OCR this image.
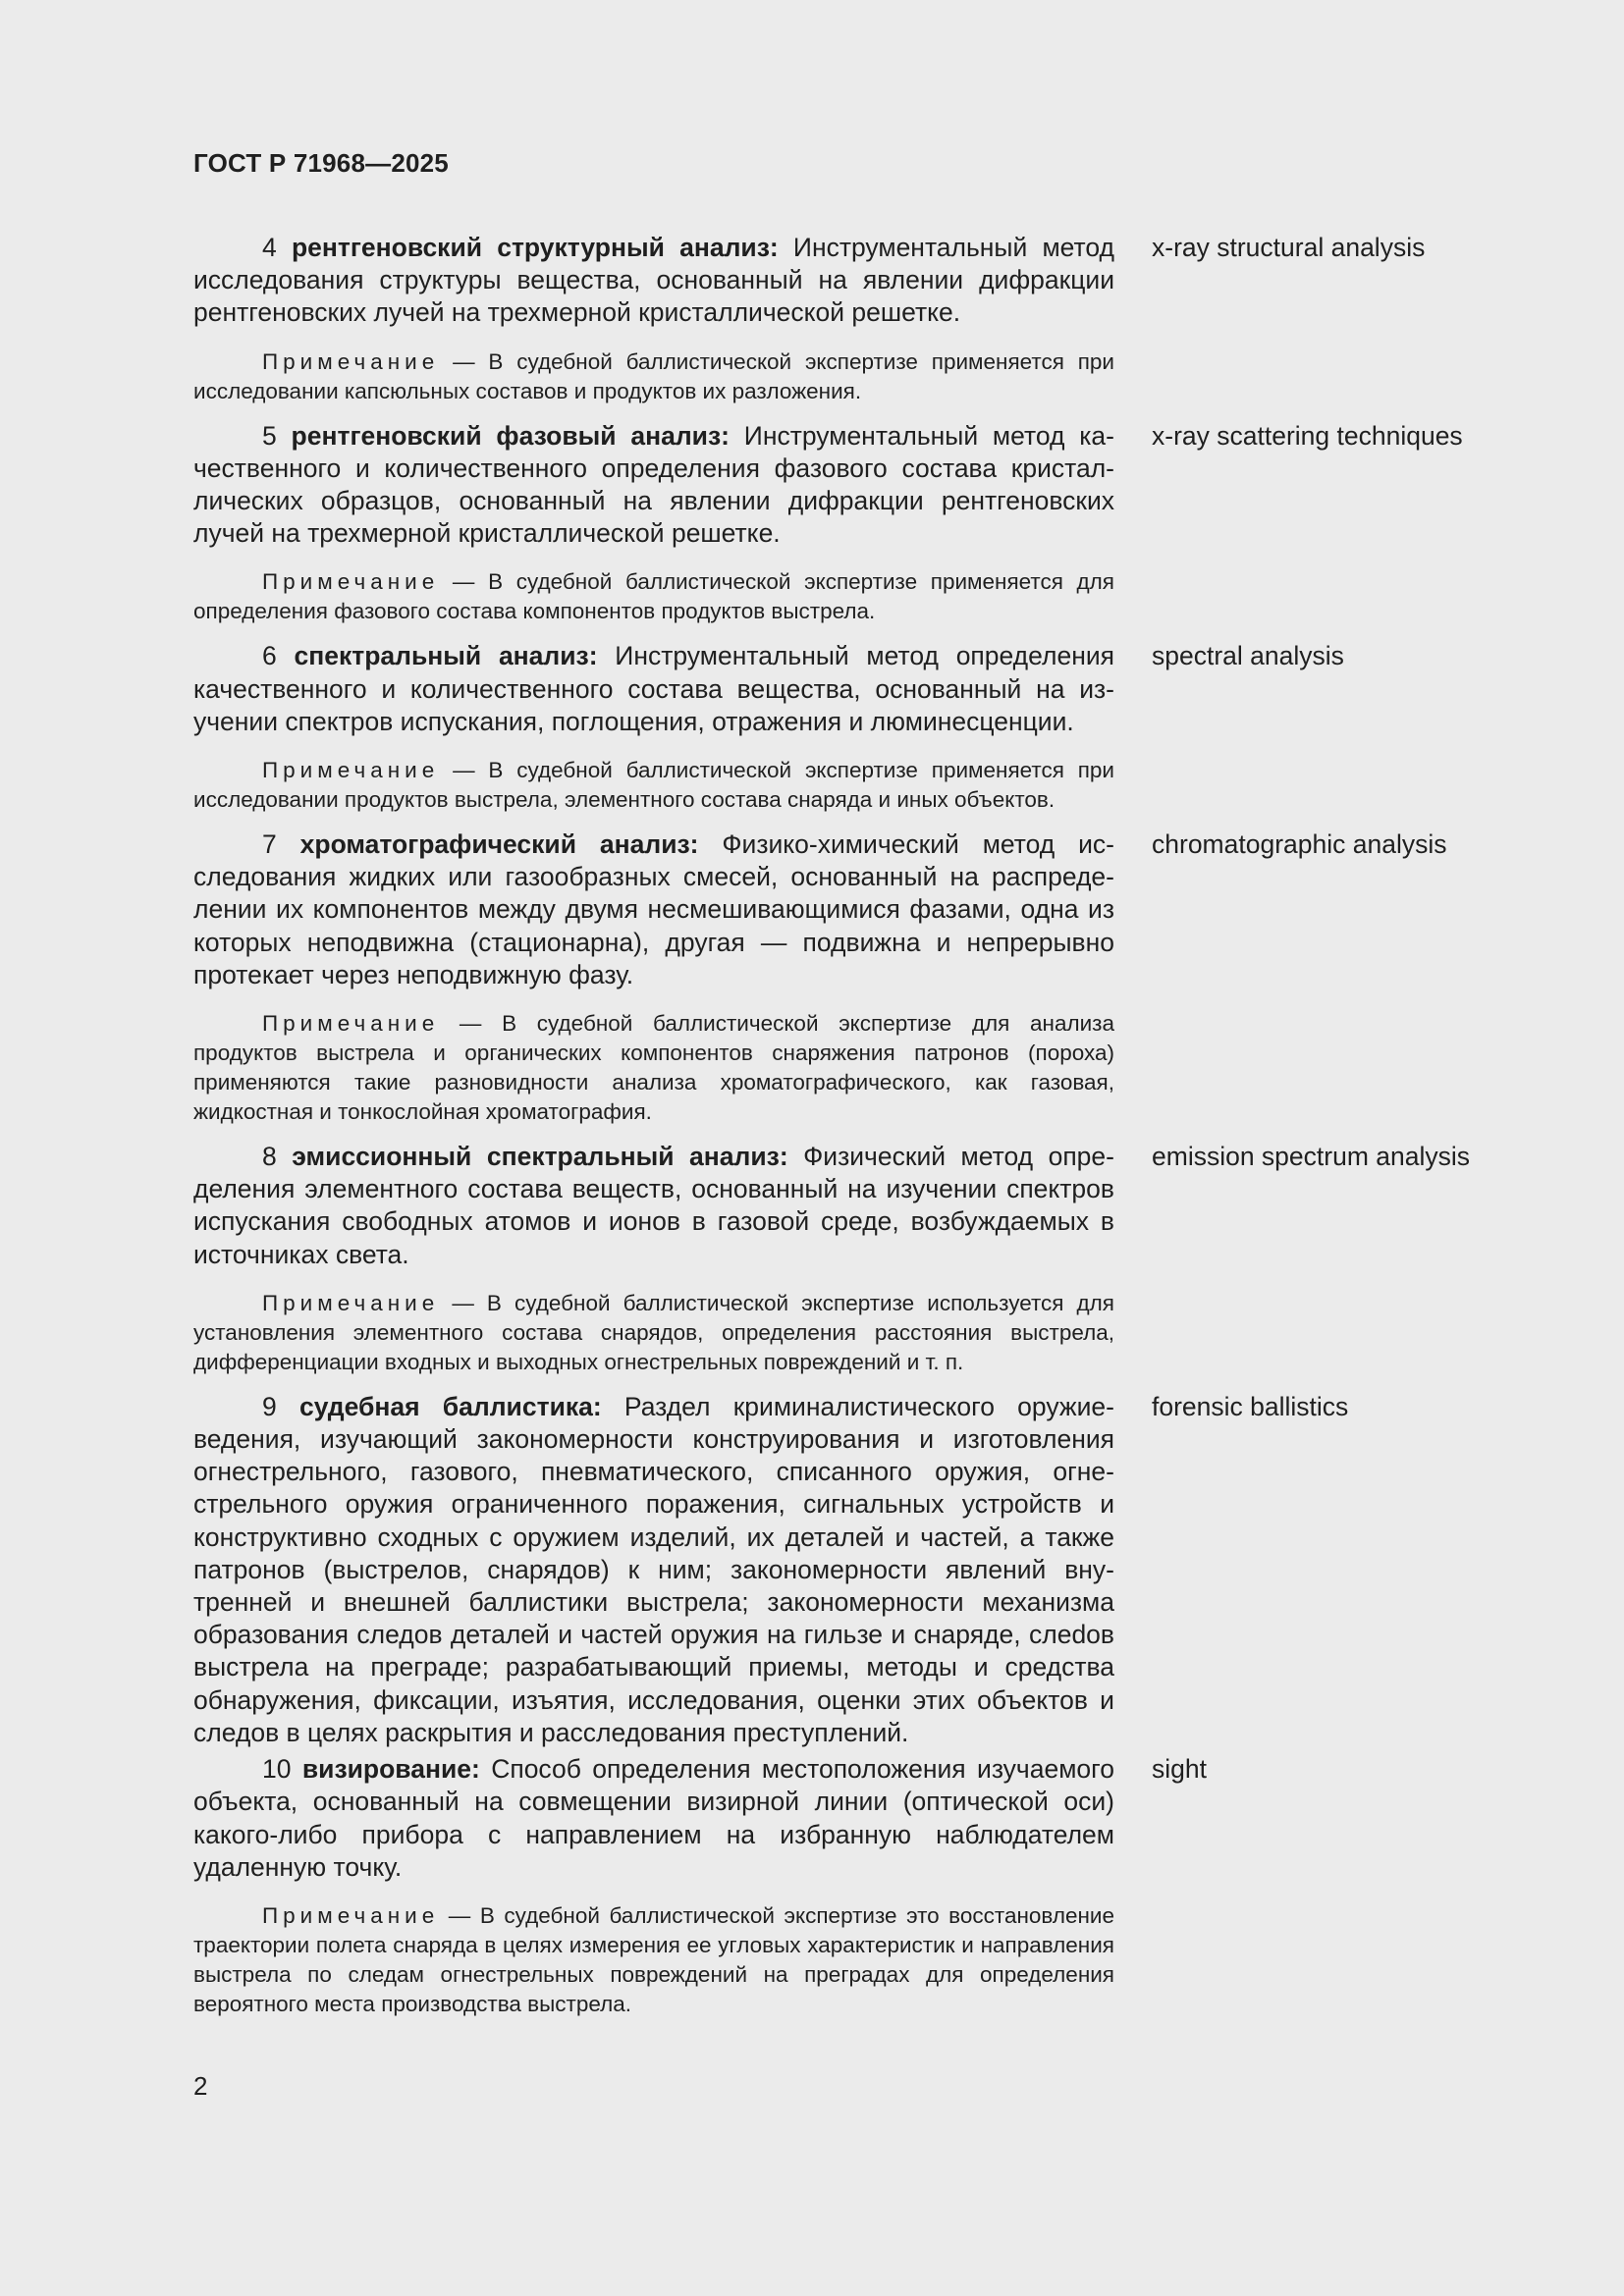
ГОСТ Р 71968—2025

4 рентгеновский структурный анализ: Инструментальный метод исследования структуры вещества, основанный на явлении дифракции рентгеновских лучей на трехмерной кристаллической решетке.

x-ray structural analysis

Примечание — В судебной баллистической экспертизе применяется при исследовании капсюльных составов и продуктов их разложения.

5 рентгеновский фазовый анализ: Инструментальный метод качественного и количественного определения фазового состава кристаллических образцов, основанный на явлении дифракции рентгеновских лучей на трехмерной кристаллической решетке.

x-ray scattering techniques

Примечание — В судебной баллистической экспертизе применяется для определения фазового состава компонентов продуктов выстрела.

6 спектральный анализ: Инструментальный метод определения качественного и количественного состава вещества, основанный на изучении спектров испускания, поглощения, отражения и люминесценции.

spectral analysis

Примечание — В судебной баллистической экспертизе применяется при исследовании продуктов выстрела, элементного состава снаряда и иных объектов.

7 хроматографический анализ: Физико-химический метод исследования жидких или газообразных смесей, основанный на распределении их компонентов между двумя несмешивающимися фазами, одна из которых неподвижна (стационарна), другая — подвижна и непрерывно протекает через неподвижную фазу.

chromatographic analysis

Примечание — В судебной баллистической экспертизе для анализа продуктов выстрела и органических компонентов снаряжения патронов (пороха) применяются такие разновидности анализа хроматографического, как газовая, жидкостная и тонкослойная хроматография.

8 эмиссионный спектральный анализ: Физический метод определения элементного состава веществ, основанный на изучении спектров испускания свободных атомов и ионов в газовой среде, возбуждаемых в источниках света.

emission spectrum analysis

Примечание — В судебной баллистической экспертизе используется для установления элементного состава снарядов, определения расстояния выстрела, дифференциации входных и выходных огнестрельных повреждений и т. п.

9 судебная баллистика: Раздел криминалистического оружиеведения, изучающий закономерности конструирования и изготовления огнестрельного, газового, пневматического, списанного оружия, огнестрельного оружия ограниченного поражения, сигнальных устройств и конструктивно сходных с оружием изделий, их деталей и частей, а также патронов (выстрелов, снарядов) к ним; закономерности явлений внутренней и внешней баллистики выстрела; закономерности механизма образования следов деталей и частей оружия на гильзе и снаряде, слеdов выстрела на преграде; разрабатывающий приемы, методы и средства обнаружения, фиксации, изъятия, исследования, оценки этих объектов и следов в целях раскрытия и расследования преступлений.

forensic ballistics

10 визирование: Способ определения местоположения изучаемого объекта, основанный на совмещении визирной линии (оптической оси) какого-либо прибора с направлением на избранную наблюдателем удаленную точку.

sight

Примечание — В судебной баллистической экспертизе это восстановление траектории полета снаряда в целях измерения ее угловых характеристик и направления выстрела по следам огнестрельных повреждений на преградах для определения вероятного места производства выстрела.

2
